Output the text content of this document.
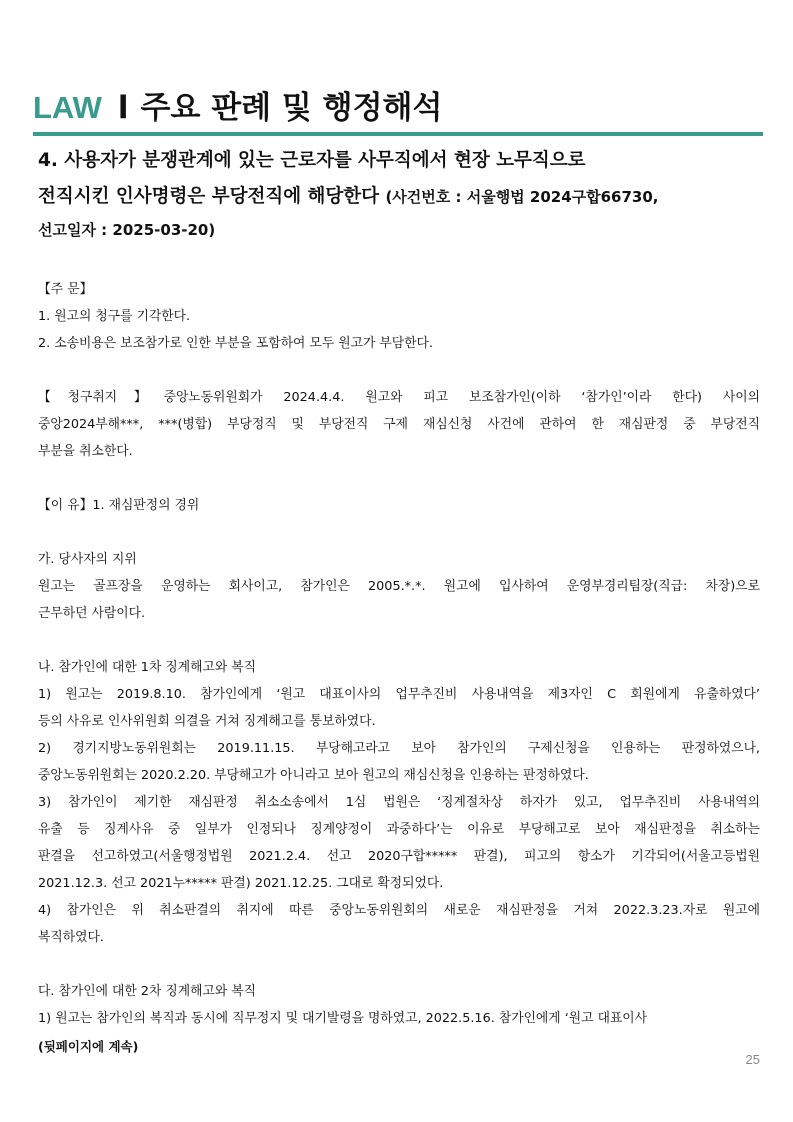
LAW l 주요 판례 및 행정해석
4. 사용자가 분쟁관계에 있는 근로자를 사무직에서 현장 노무직으로
전직시킨 인사명령은 부당전직에 해당한다 (사건번호 : 서울행법 2024구합66730,
선고일자 : 2025-03-20)

【주 문】

1. 원고의 청구를 기각한다.

2. 소송비용은 보조참가로 인한 부분을 포함하여 모두 원고가 부담한다.

【청구취지】중앙노동위원회가 2024.4.4. 원고와 피고 보조참가인(이하 ‘참가인’이라 한다) 사이의

중앙2024부해***, ***(병합) 부당정직 및 부당전직 구제 재심신청 사건에 관하여 한 재심판정 중 부당전직

부분을 취소한다.

【이 유】1. 재심판정의 경위

가. 당사자의 지위

원고는 골프장을 운영하는 회사이고, 참가인은 2005.*.*. 원고에 입사하여 운영부경리팀장(직급: 차장)으로

근무하던 사람이다.

나. 참가인에 대한 1차 징계해고와 복직

1) 원고는 2019.8.10. 참가인에게 ‘원고 대표이사의 업무추진비 사용내역을 제3자인 C 회원에게 유출하였다’

등의 사유로 인사위원회 의결을 거쳐 징계해고를 통보하였다.

2) 경기지방노동위원회는 2019.11.15. 부당해고라고 보아 참가인의 구제신청을 인용하는 판정하였으나,

중앙노동위원회는 2020.2.20. 부당해고가 아니라고 보아 원고의 재심신청을 인용하는 판정하였다.

3) 참가인이 제기한 재심판정 취소소송에서 1심 법원은 ‘징계절차상 하자가 있고, 업무추진비 사용내역의

유출 등 징계사유 중 일부가 인정되나 징계양정이 과중하다’는 이유로 부당해고로 보아 재심판정을 취소하는

판결을 선고하였고(서울행정법원 2021.2.4. 선고 2020구합***** 판결), 피고의 항소가 기각되어(서울고등법원

2021.12.3. 선고 2021누***** 판결) 2021.12.25. 그대로 확정되었다.

4) 참가인은 위 취소판결의 취지에 따른 중앙노동위원회의 새로운 재심판정을 거쳐 2022.3.23.자로 원고에

복직하였다.

다. 참가인에 대한 2차 징계해고와 복직

1) 원고는 참가인의 복직과 동시에 직무정지 및 대기발령을 명하였고, 2022.5.16. 참가인에게 ‘원고 대표이사

(뒷페이지에 계속)
25
